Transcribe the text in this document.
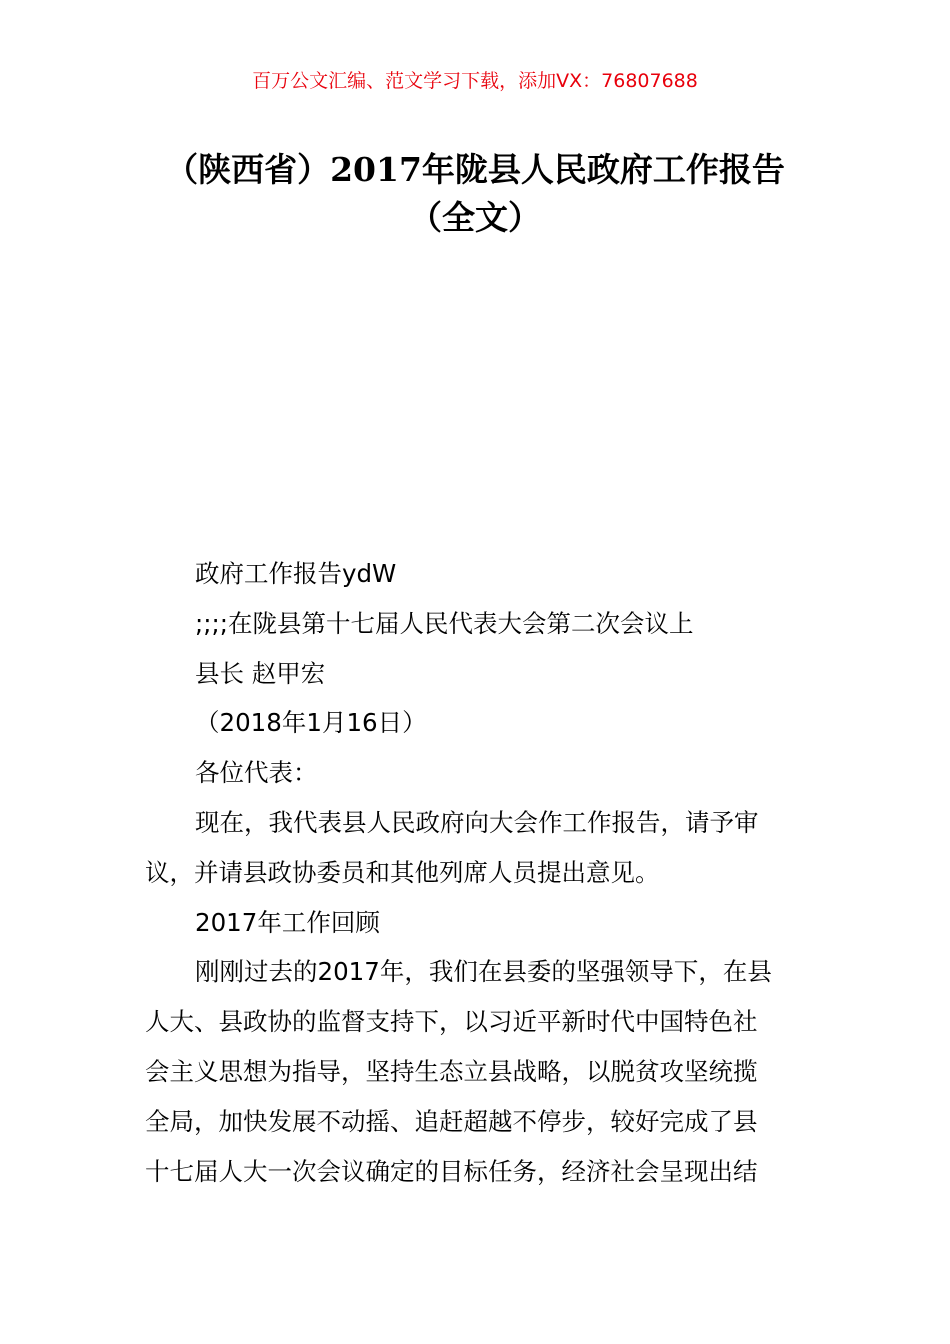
百万公文汇编、范文学习下载，添加VX：76807688
（陕西省）2017年陇县人民政府工作报告
（全文）
政府工作报告ydW
;;;;在陇县第十七届人民代表大会第二次会议上
县长 赵甲宏
（2018年1月16日）
各位代表：
现在，我代表县人民政府向大会作工作报告，请予审
议，并请县政协委员和其他列席人员提出意见。
2017年工作回顾
刚刚过去的2017年，我们在县委的坚强领导下，在县
人大、县政协的监督支持下，以习近平新时代中国特色社
会主义思想为指导，坚持生态立县战略，以脱贫攻坚统揽
全局，加快发展不动摇、追赶超越不停步，较好完成了县
十七届人大一次会议确定的目标任务，经济社会呈现出结
